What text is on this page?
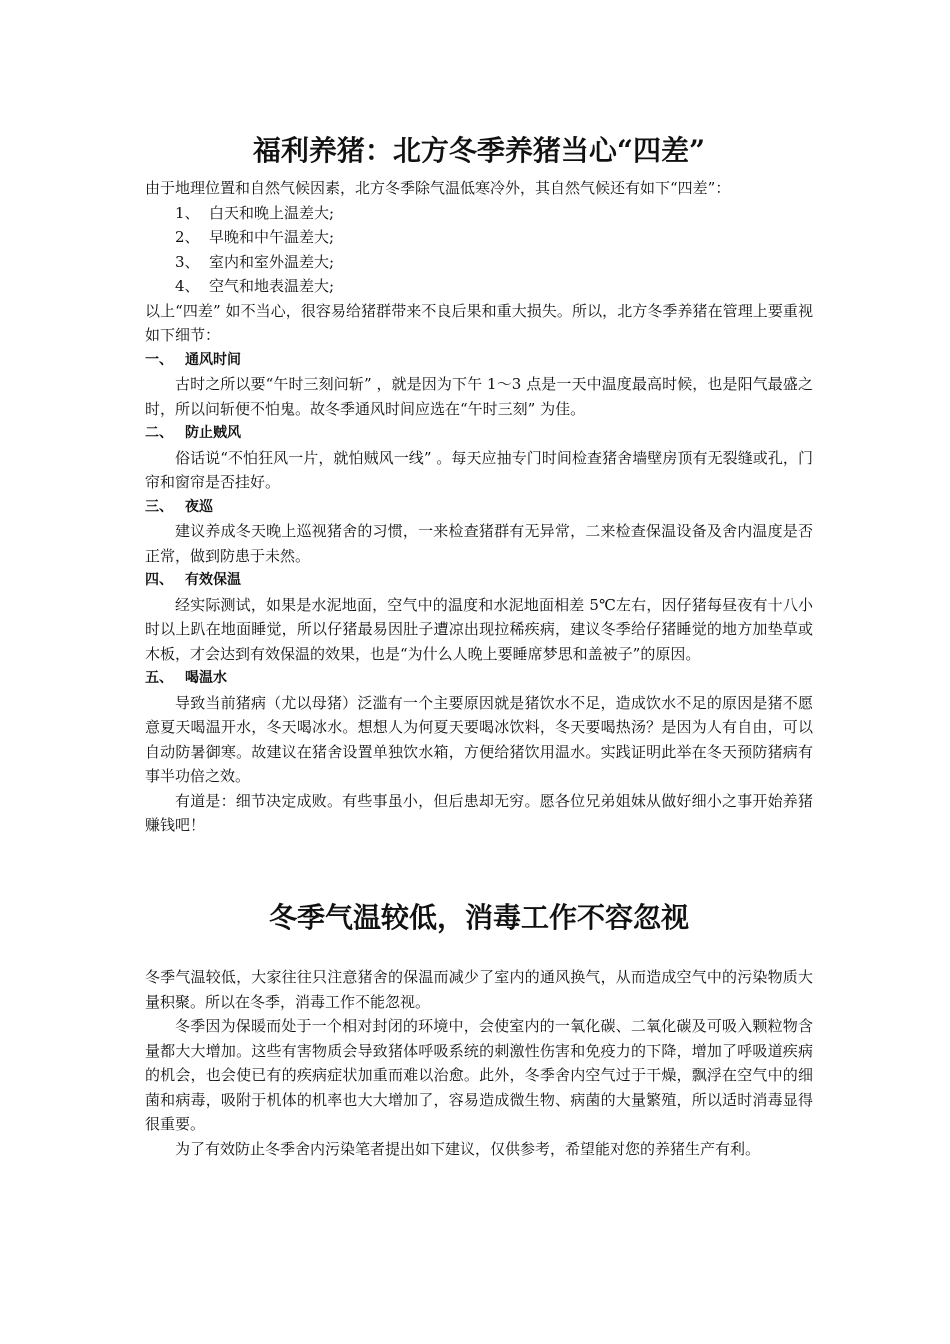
福利养猪：北方冬季养猪当心“四差”

由于地理位置和自然气候因素，北方冬季除气温低寒冷外，其自然气候还有如下“四差”：

1、 白天和晚上温差大;
2、 早晚和中午温差大;
3、 室内和室外温差大;
4、 空气和地表温差大;

以上“四差” 如不当心，很容易给猪群带来不良后果和重大损失。所以，北方冬季养猪在管理上要重视如下细节：

一、 通风时间

古时之所以要“午时三刻问斩” ，就是因为下午 1～3 点是一天中温度最高时候，也是阳气最盛之时，所以问斩便不怕鬼。故冬季通风时间应选在“午时三刻” 为佳。

二、 防止贼风

俗话说“不怕狂风一片，就怕贼风一线” 。每天应抽专门时间检查猪舍墙壁房顶有无裂缝或孔，门帘和窗帘是否挂好。

三、 夜巡

建议养成冬天晚上巡视猪舍的习惯，一来检查猪群有无异常，二来检查保温设备及舍内温度是否正常，做到防患于未然。

四、 有效保温

经实际测试，如果是水泥地面，空气中的温度和水泥地面相差 5℃左右，因仔猪每昼夜有十八小时以上趴在地面睡觉，所以仔猪最易因肚子遭凉出现拉稀疾病，建议冬季给仔猪睡觉的地方加垫草或木板，才会达到有效保温的效果，也是“为什么人晚上要睡席梦思和盖被子”的原因。

五、 喝温水

导致当前猪病（尤以母猪）泛滥有一个主要原因就是猪饮水不足，造成饮水不足的原因是猪不愿意夏天喝温开水，冬天喝冰水。想想人为何夏天要喝冰饮料，冬天要喝热汤？是因为人有自由，可以自动防暑御寒。故建议在猪舍设置单独饮水箱，方便给猪饮用温水。实践证明此举在冬天预防猪病有事半功倍之效。

有道是：细节决定成败。有些事虽小，但后患却无穷。愿各位兄弟姐妹从做好细小之事开始养猪赚钱吧！

冬季气温较低，消毒工作不容忽视

冬季气温较低，大家往往只注意猪舍的保温而减少了室内的通风换气，从而造成空气中的污染物质大量积聚。所以在冬季，消毒工作不能忽视。

冬季因为保暖而处于一个相对封闭的环境中，会使室内的一氧化碳、二氧化碳及可吸入颗粒物含量都大大增加。这些有害物质会导致猪体呼吸系统的刺激性伤害和免疫力的下降，增加了呼吸道疾病的机会，也会使已有的疾病症状加重而难以治愈。此外，冬季舍内空气过于干燥，飘浮在空气中的细菌和病毒，吸附于机体的机率也大大增加了，容易造成微生物、病菌的大量繁殖，所以适时消毒显得很重要。

为了有效防止冬季舍内污染笔者提出如下建议，仅供参考，希望能对您的养猪生产有利。
